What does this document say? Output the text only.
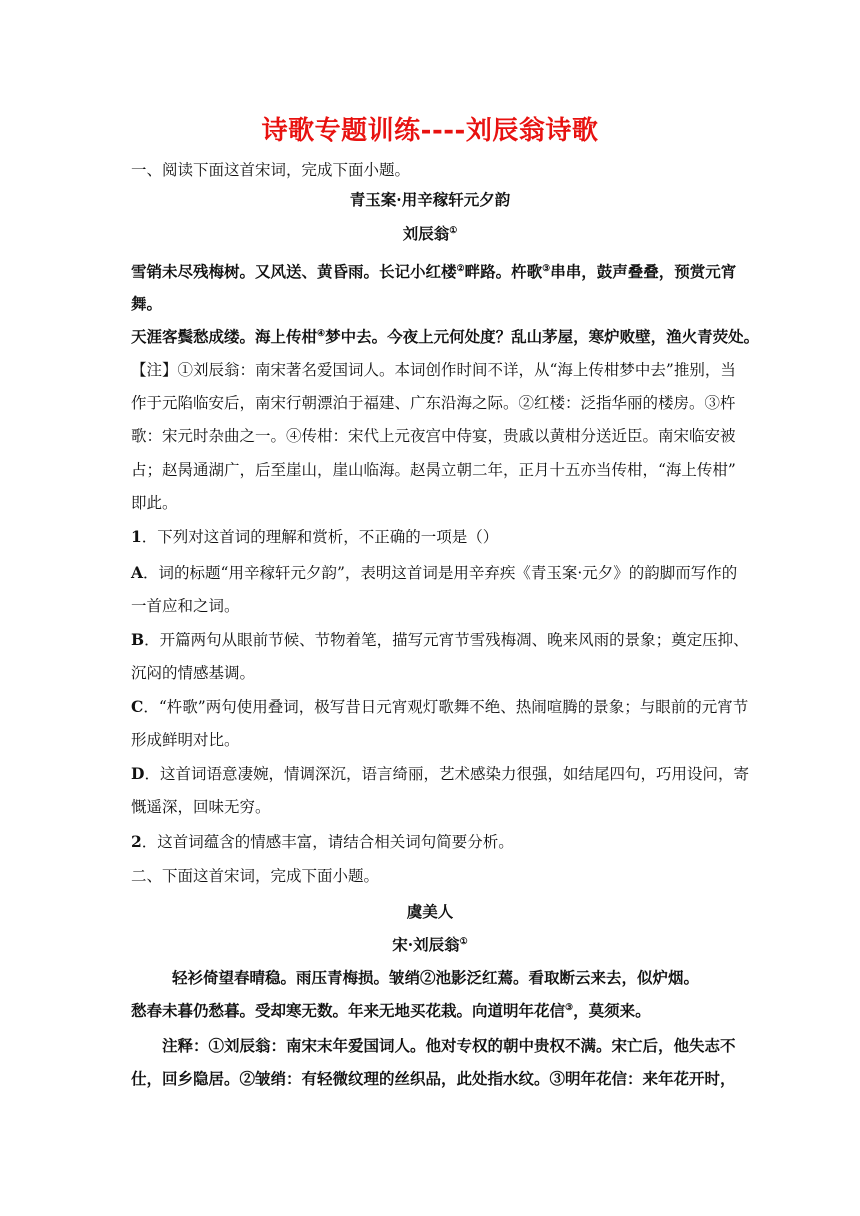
诗歌专题训练----刘辰翁诗歌
一、阅读下面这首宋词，完成下面小题。
青玉案·用辛稼轩元夕韵
刘辰翁①
雪销未尽残梅树。又风送、黄昏雨。长记小红楼②畔路。杵歌③串串，鼓声叠叠，预赏元宵
舞。
天涯客鬓愁成缕。海上传柑④梦中去。今夜上元何处度？乱山茅屋，寒炉败壁，渔火青荧处。
【注】①刘辰翁：南宋著名爱国词人。本词创作时间不详，从“海上传柑梦中去”推别，当
作于元陷临安后，南宋行朝漂泊于福建、广东沿海之际。②红楼：泛指华丽的楼房。③杵
歌：宋元时杂曲之一。④传柑：宋代上元夜宫中侍宴，贵戚以黄柑分送近臣。南宋临安被
占；赵昺通湖广，后至崖山，崖山临海。赵昺立朝二年，正月十五亦当传柑，“海上传柑”
即此。
1．下列对这首词的理解和赏析，不正确的一项是（）
A．词的标题“用辛稼轩元夕韵”，表明这首词是用辛弃疾《青玉案·元夕》的韵脚而写作的
一首应和之词。
B．开篇两句从眼前节候、节物着笔，描写元宵节雪残梅凋、晚来风雨的景象；奠定压抑、
沉闷的情感基调。
C．“杵歌”两句使用叠词，极写昔日元宵观灯歌舞不绝、热闹喧腾的景象；与眼前的元宵节
形成鲜明对比。
D．这首词语意凄婉，情调深沉，语言绮丽，艺术感染力很强，如结尾四句，巧用设问，寄
慨遥深，回味无穷。
2．这首词蕴含的情感丰富，请结合相关词句简要分析。
二、下面这首宋词，完成下面小题。
虞美人
宋·刘辰翁①
轻衫倚望春晴稳。雨压青梅损。皱绡②池影泛红蔫。看取断云来去，似炉烟。
愁春未暮仍愁暮。受却寒无数。年来无地买花栽。向道明年花信③，莫须来。
注释：①刘辰翁：南宋末年爱国词人。他对专权的朝中贵权不满。宋亡后，他失志不
仕，回乡隐居。②皱绡：有轻微纹理的丝织品，此处指水纹。③明年花信：来年花开时，
